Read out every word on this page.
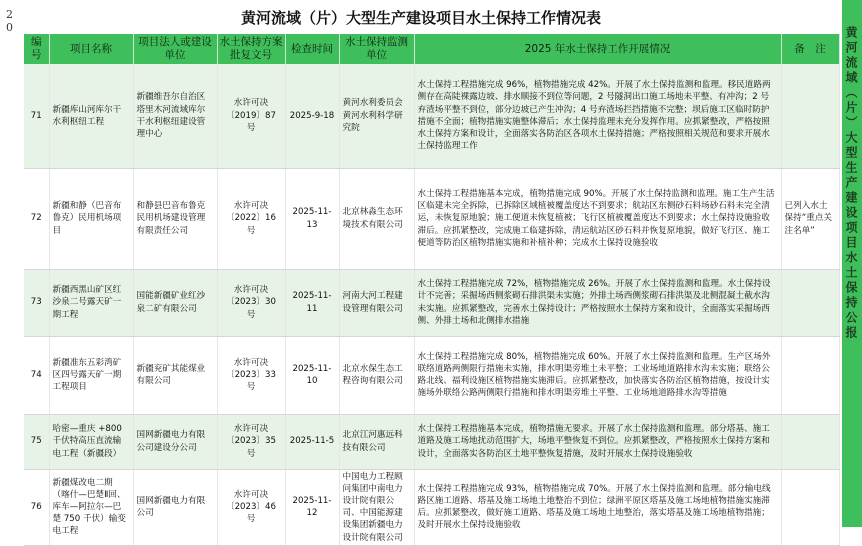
20	黄河流域（片）大型生产建设项目水土保持工作情况表
黄河流域（片）大型生产建设项目水土保持公报
编号	项目名称	项目法人或建设单位	水土保持方案批复文号	检查时间	水土保持监测单位	2025 年水土保持工作开展情况	备　注
71	新疆库山河库尔干水利枢纽工程	新疆维吾尔自治区塔里木河流域库尔干水利枢纽建设管理中心	水许可决〔2019〕87 号	2025-9-18	黄河水利委员会黄河水利科学研究院	水土保持工程措施完成 96%，植物措施完成 42%。开展了水土保持监测和监理。移民道路两侧存在高陡裸露边坡、排水顺接不到位等问题，2 号隧洞出口施工场地未平整、有冲沟；2 号弃渣场平整不到位，部分边坡已产生冲沟；4 号弃渣场拦挡措施不完整；坝后施工区临时防护措施不全面；植物措施实施整体滞后；水土保持监理未充分发挥作用。应抓紧整改，严格按照水土保持方案和设计，全面落实各防治区各项水土保持措施；严格按照相关规范和要求开展水土保持监理工作	
72	新疆和静（巴音布鲁克）民用机场项目	和静县巴音布鲁克民用机场建设管理有限责任公司	水许可决〔2022〕16 号	2025-11-13	北京林淼生态环境技术有限公司	水土保持工程措施基本完成，植物措施完成 90%。开展了水土保持监测和监理。施工生产生活区临建未完全拆除，已拆除区域植被覆盖度达不到要求；航站区东侧砂石料场砂石料未完全清运，未恢复原地貌；施工便道未恢复植被；飞行区植被覆盖度达不到要求；水土保持设施验收滞后。应抓紧整改，完成施工临建拆除，清运航站区砂石料并恢复原地貌，做好飞行区、施工便道等防治区植物措施实施和补植补种；完成水土保持设施验收	已列入水土保持“重点关注名单”
73	新疆西黑山矿区红沙泉二号露天矿一期工程	国能新疆矿业红沙泉二矿有限公司	水许可决〔2023〕30 号	2025-11-11	河南大河工程建设管理有限公司	水土保持工程措施完成 72%，植物措施完成 26%。开展了水土保持监测和监理。水土保持设计不完善；采掘场西侧浆砌石排洪渠未实施；外排土场西侧浆砌石排洪渠及北侧混凝土截水沟未实施。应抓紧整改，完善水土保持设计；严格按照水土保持方案和设计，全面落实采掘场西侧、外排土场和北侧排水措施	
74	新疆准东五彩湾矿区四号露天矿一期工程项目	新疆兖矿其能煤业有限公司	水许可决〔2023〕33 号	2025-11-10	北京水保生态工程咨询有限公司	水土保持工程措施完成 80%，植物措施完成 60%。开展了水土保持监测和监理。生产区场外联络道路两侧限行措施未实施，排水明渠旁堆土未平整；工业场地道路排水沟未实施；联络公路北线、福利设施区植物措施实施滞后。应抓紧整改，加快落实各防治区植物措施，按设计实施场外联络公路两侧限行措施和排水明渠旁堆土平整、工业场地道路排水沟等措施	
75	哈密—重庆 +800 千伏特高压直流输电工程（新疆段）	国网新疆电力有限公司建设分公司	水许可决〔2023〕35 号	2025-11-5	北京江河惠远科技有限公司	水土保持工程措施基本完成，植物措施无要求。开展了水土保持监测和监理。部分塔基、施工道路及施工场地扰动范围扩大，场地平整恢复不到位。应抓紧整改，严格按照水土保持方案和设计，全面落实各防治区土地平整恢复措施，及时开展水土保持设施验收	
76	新疆煤改电二期（喀什—巴楚Ⅱ回、库车—阿拉尔—巴楚 750 千伏）输变电工程	国网新疆电力有限公司	水许可决〔2023〕46 号	2025-11-12	中国电力工程顾问集团中南电力设计院有限公司、中国能源建设集团新疆电力设计院有限公司	水土保持工程措施完成 93%，植物措施完成 70%。开展了水土保持监测和监理。部分输电线路区施工道路、塔基及施工场地土地整治不到位；绿洲平原区塔基及施工场地植物措施实施滞后。应抓紧整改，做好施工道路、塔基及施工场地土地整治，落实塔基及施工场地植物措施；及时开展水土保持设施验收	
